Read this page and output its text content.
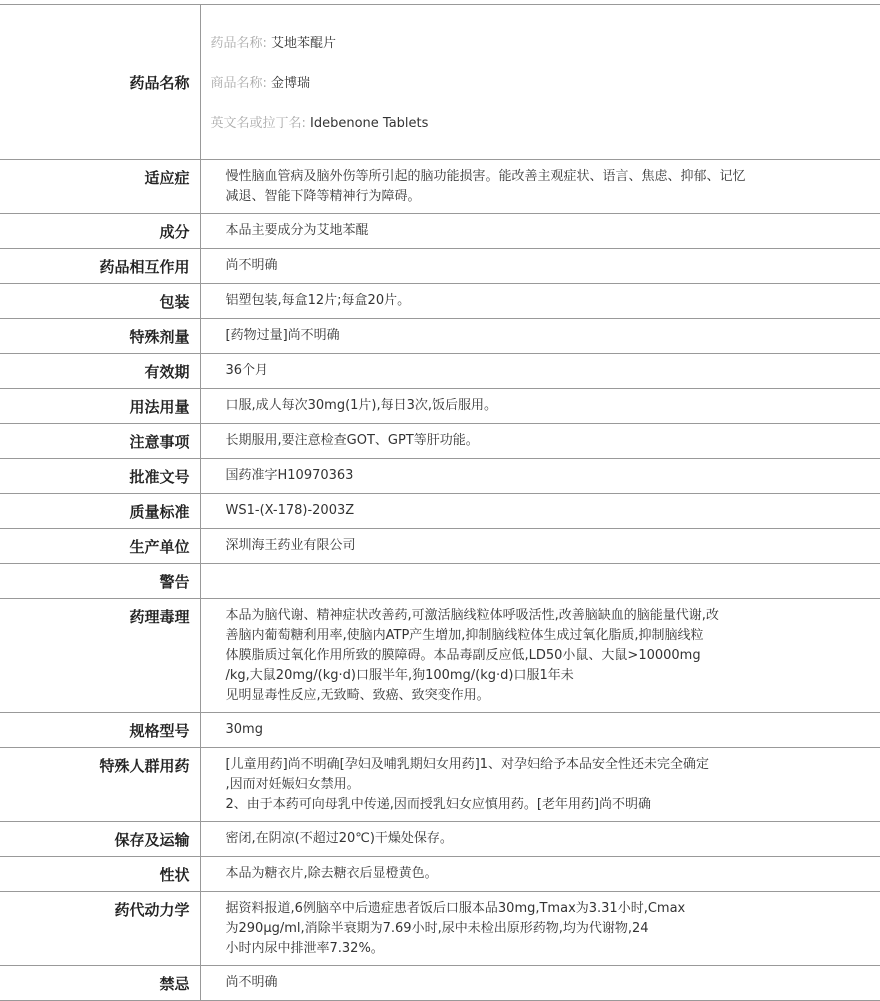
药品名称	药品名称: 艾地苯醌片

商品名称: 金博瑞

英文名或拉丁名: Idebenone Tablets

适应症	慢性脑血管病及脑外伤等所引起的脑功能损害。能改善主观症状、语言、焦虑、抑郁、记忆
减退、智能下降等精神行为障碍。
成分	本品主要成分为艾地苯醌
药品相互作用	尚不明确
包装	铝塑包装,每盒12片;每盒20片。
特殊剂量	[药物过量]尚不明确
有效期	36个月
用法用量	口服,成人每次30mg(1片),每日3次,饭后服用。
注意事项	长期服用,要注意检查GOT、GPT等肝功能。
批准文号	国药准字H10970363
质量标准	WS1-(X-178)-2003Z
生产单位	深圳海王药业有限公司
警告	
药理毒理	本品为脑代谢、精神症状改善药,可激活脑线粒体呼吸活性,改善脑缺血的脑能量代谢,改
善脑内葡萄糖利用率,使脑内ATP产生增加,抑制脑线粒体生成过氧化脂质,抑制脑线粒
体膜脂质过氧化作用所致的膜障碍。本品毒副反应低,LD50小鼠、大鼠>10000mg
/kg,大鼠20mg/(kg·d)口服半年,狗100mg/(kg·d)口服1年未
见明显毒性反应,无致畸、致癌、致突变作用。
规格型号	30mg
特殊人群用药	[儿童用药]尚不明确[孕妇及哺乳期妇女用药]1、对孕妇给予本品安全性还未完全确定
,因而对妊娠妇女禁用。
2、由于本药可向母乳中传递,因而授乳妇女应慎用药。[老年用药]尚不明确
保存及运输	密闭,在阴凉(不超过20℃)干燥处保存。
性状	本品为糖衣片,除去糖衣后显橙黄色。
药代动力学	据资料报道,6例脑卒中后遗症患者饭后口服本品30mg,Tmax为3.31小时,Cmax
为290μg/ml,消除半衰期为7.69小时,尿中未检出原形药物,均为代谢物,24
小时内尿中排泄率7.32%。
禁忌	尚不明确
